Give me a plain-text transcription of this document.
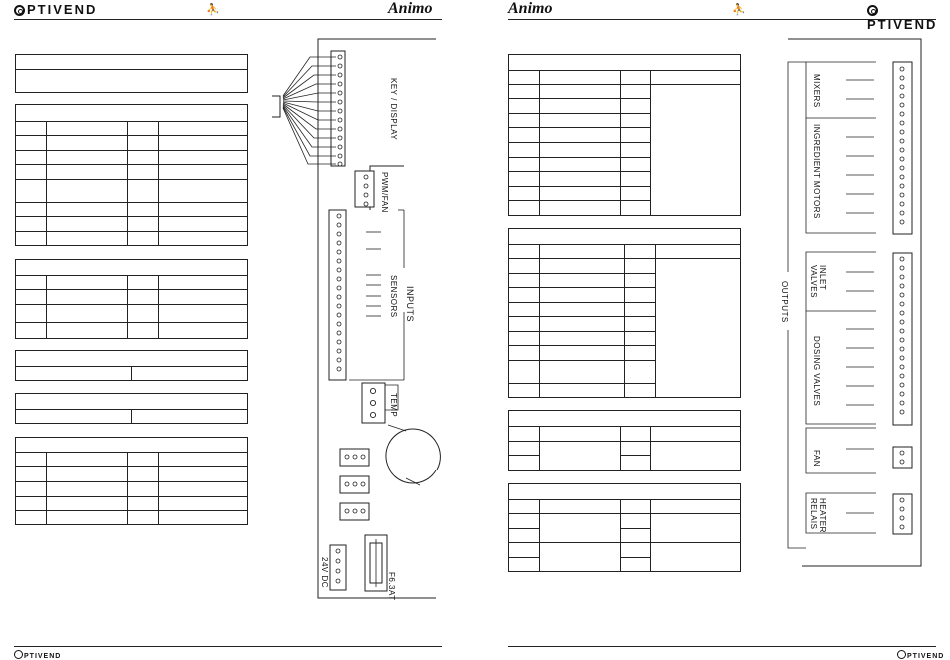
PTIVEND	⛹	Animo	Animo	⛹
PTIVEND
PTIVEND	PTIVEND
KEY / DISPLAY
PWM/FAN
SENSORS INPUTS
TEMP
24V DC	F6.3AT
MIXERS
INGREDIENT MOTORS
INLET VALVES
OUTPUTS
DOSING VALVES
FAN
HEATER RELAIS
